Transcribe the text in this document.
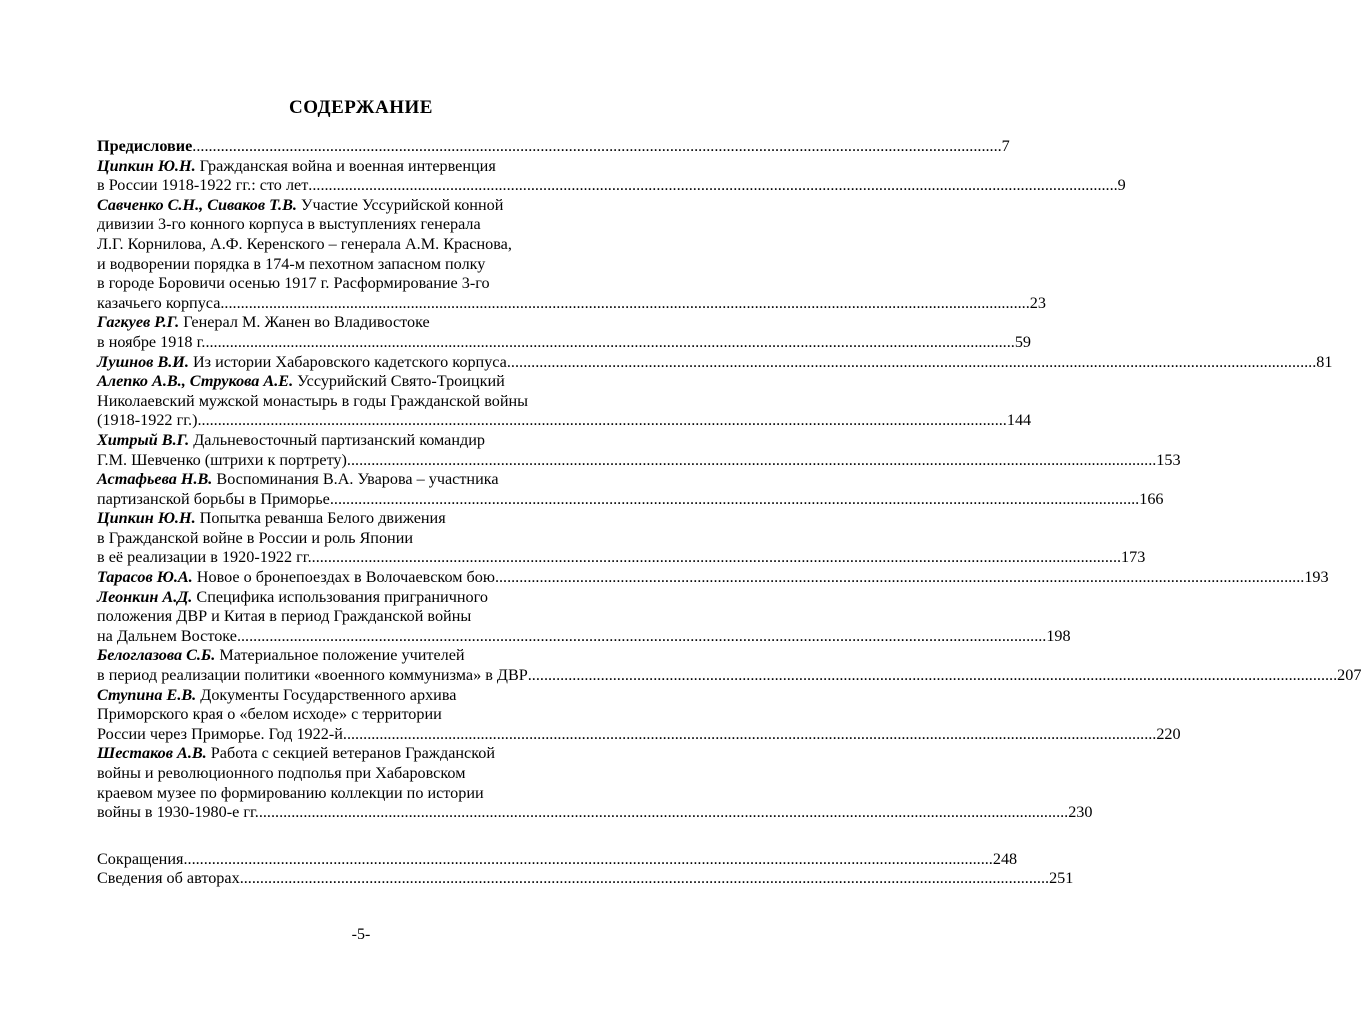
СОДЕРЖАНИЕ
Предисловие ........................................................................................................................................................................................................ 7
Ципкин Ю.Н. Гражданская война и военная интервенция
в России 1918-1922 гг.: сто лет ........................................................................................................................................................................................................ 9
Савченко С.Н., Сиваков Т.В. Участие Уссурийской конной
дивизии 3-го конного корпуса в выступлениях генерала
Л.Г. Корнилова, А.Ф. Керенского – генерала А.М. Краснова,
и водворении порядка в 174-м пехотном запасном полку
в городе Боровичи осенью 1917 г. Расформирование 3-го
казачьего корпуса ........................................................................................................................................................................................................ 23
Гагкуев Р.Г. Генерал М. Жанен во Владивостоке
в ноябре 1918 г. ........................................................................................................................................................................................................ 59
Лушнов В.И. Из истории Хабаровского кадетского корпуса ........................................................................................................................................................................................................ 81
Алепко А.В., Струкова А.Е. Уссурийский Свято-Троицкий
Николаевский мужской монастырь в годы Гражданской войны
(1918-1922 гг.) ........................................................................................................................................................................................................ 144
Хитрый В.Г. Дальневосточный партизанский командир
Г.М. Шевченко (штрихи к портрету) ........................................................................................................................................................................................................ 153
Астафьева Н.В. Воспоминания В.А. Уварова – участника
партизанской борьбы в Приморье ........................................................................................................................................................................................................ 166
Ципкин Ю.Н. Попытка реванша Белого движения
в Гражданской войне в России и роль Японии
в её реализации в 1920-1922 гг. ........................................................................................................................................................................................................ 173
Тарасов Ю.А. Новое о бронепоездах в Волочаевском бою ........................................................................................................................................................................................................ 193
Леонкин А.Д. Специфика использования приграничного
положения ДВР и Китая в период Гражданской войны
на Дальнем Востоке ........................................................................................................................................................................................................ 198
Белоглазова С.Б. Материальное положение учителей
в период реализации политики «военного коммунизма» в ДВР ........................................................................................................................................................................................................ 207
Ступина Е.В. Документы Государственного архива
Приморского края о «белом исходе» с территории
России через Приморье. Год 1922-й. ........................................................................................................................................................................................................ 220
Шестаков А.В. Работа с секцией ветеранов Гражданской
войны и революционного подполья при Хабаровском
краевом музее по формированию коллекции по истории
войны в 1930-1980-е гг. ........................................................................................................................................................................................................ 230
Сокращения ........................................................................................................................................................................................................ 248
Сведения об авторах ........................................................................................................................................................................................................ 251
-5-
